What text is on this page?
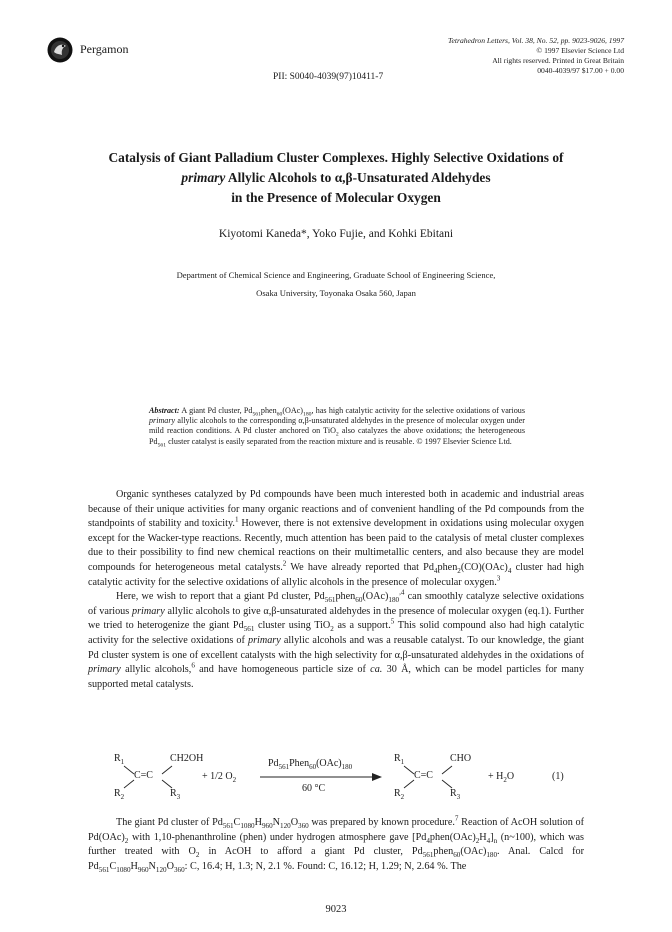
Pergamon
Tetrahedron Letters, Vol. 38, No. 52, pp. 9023-9026, 1997
© 1997 Elsevier Science Ltd
All rights reserved. Printed in Great Britain
0040-4039/97 $17.00 + 0.00
PII: S0040-4039(97)10411-7
Catalysis of Giant Palladium Cluster Complexes. Highly Selective Oxidations of
primary Allylic Alcohols to α,β-Unsaturated Aldehydes
in the Presence of Molecular Oxygen
Kiyotomi Kaneda*, Yoko Fujie, and Kohki Ebitani
Department of Chemical Science and Engineering, Graduate School of Engineering Science,
Osaka University, Toyonaka Osaka 560, Japan
Abstract: A giant Pd cluster, $Pd_{561}phen_{60}(OAc)_{180}$, has high catalytic activity for the selective oxidations of various primary allylic alcohols to the corresponding α,β-unsaturated aldehydes in the presence of molecular oxygen under mild reaction conditions. A Pd cluster anchored on TiO$_2$ also catalyzes the above oxidations; the heterogeneous $Pd_{561}$ cluster catalyst is easily separated from the reaction mixture and is reusable. © 1997 Elsevier Science Ltd.

Organic syntheses catalyzed by Pd compounds have been much interested both in academic and industrial areas because of their unique activities for many organic reactions and of convenient handling of the Pd compounds from the standpoints of stability and toxicity.$^1$ However, there is not extensive development in oxidations using molecular oxygen except for the Wacker-type reactions. Recently, much attention has been paid to the catalysis of metal cluster complexes due to their possibility to find new chemical reactions on their multimetallic centers, and also because they are model compounds for heterogeneous metal catalysts.$^2$ We have already reported that $Pd_4phen_2(CO)(OAc)_4$ cluster had high catalytic activity for the selective oxidations of allylic alcohols in the presence of molecular oxygen.$^3$

Here, we wish to report that a giant Pd cluster, $Pd_{561}phen_{60}(OAc)_{180}^{,4}$ can smoothly catalyze selective oxidations of various primary allylic alcohols to give α,β-unsaturated aldehydes in the presence of molecular oxygen (eq.1). Further we tried to heterogenize the giant $Pd_{561}$ cluster using TiO$_2$ as a support.$^5$ This solid compound also had high catalytic activity for the selective oxidations of primary allylic alcohols and was a reusable catalyst. To our knowledge, the giant Pd cluster system is one of excellent catalysts with the high selectivity for α,β-unsaturated aldehydes in the oxidations of primary allylic alcohols,$^6$ and have homogeneous particle size of ca. 30 Å, which can be model particles for many supported metal catalysts.

$R_1$	CH2OH
C=C
$R_2$	$R_3$
+ 1/2 $O_2$
$Pd_{561}Phen_{60}(OAc)_{180}$
60 °C
$R_1$	CHO
C=C
$R_2$	$R_3$
+ $H_2O$	(1)

The giant Pd cluster of $Pd_{561}C_{1080}H_{960}N_{120}O_{360}$ was prepared by known procedure.$^7$ Reaction of AcOH solution of $Pd(OAc)_2$ with 1,10-phenanthroline (phen) under hydrogen atmosphere gave $[Pd_4phen(OAc)_2H_4]_n$ (n~100), which was further treated with $O_2$ in AcOH to afford a giant Pd cluster, $Pd_{561}phen_{60}(OAc)_{180}$. Anal. Calcd for $Pd_{561}C_{1080}H_{960}N_{120}O_{360}$: C, 16.4; H, 1.3; N, 2.1 %. Found: C, 16.12; H, 1.29; N, 2.64 %. The

9023
